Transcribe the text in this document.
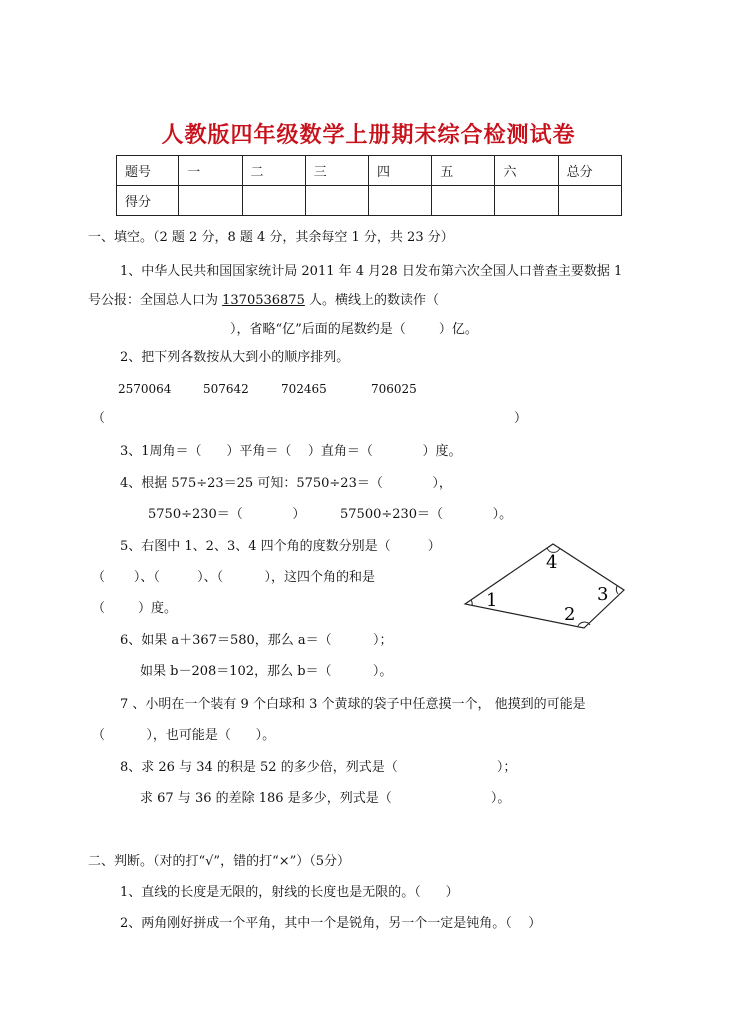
人教版四年级数学上册期末综合检测试卷
题号	一	二	三	四	五	六	总分
得分							
一、填空。（2 题 2 分，8 题 4 分，其余每空 1 分，共 23 分）
1、中华人民共和国国家统计局 2011 年 4 月28 日发布第六次全国人口普查主要数据 1
号公报：全国总人口为 1370536875 人。横线上的数读作（
），省略“亿”后面的尾数约是（        ）亿。
2、把下列各数按从大到小的顺序排列。
2570064	507642	702465	706025
（	）
3、1周角＝（      ）平角＝（    ）直角＝（            ）度。
4、根据 575÷23＝25 可知：5750÷23＝（            ），
5750÷230＝（            ）	57500÷230＝（            ）。
5、右图中 1、2、3、4 四个角的度数分别是（         ）
（       ）、（         ）、（          ），这四个角的和是
（        ）度。	1
2
3
4
6、如果 a＋367＝580，那么 a＝（          ）；
如果 b－208＝102，那么 b＝（          ）。
7 、小明在一个装有 9 个白球和 3 个黄球的袋子中任意摸一个， 他摸到的可能是
（          ），也可能是（      ）。
8、求 26 与 34 的积是 52 的多少倍，列式是（                        ）；
求 67 与 36 的差除 186 是多少，列式是（                        ）。
二、判断。（对的打“√”，错的打“×”）（5分）
1、直线的长度是无限的，射线的长度也是无限的。（      ）
2、两角刚好拼成一个平角，其中一个是锐角，另一个一定是钝角。（    ）
